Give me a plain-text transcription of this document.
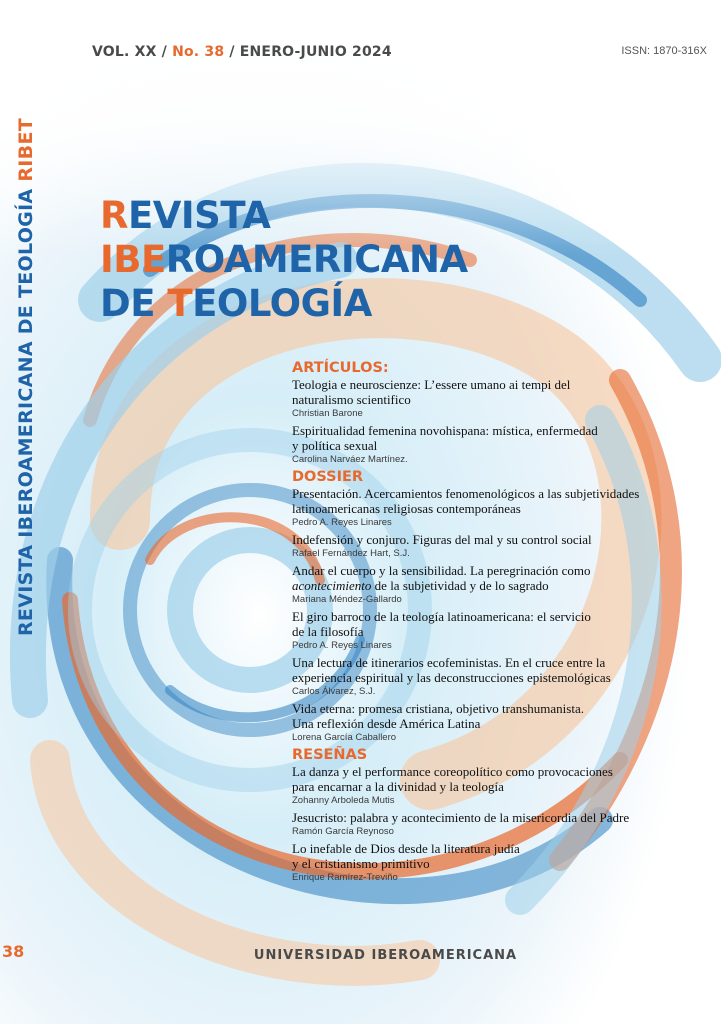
VOL. XX / No. 38 / ENERO-JUNIO 2024	ISSN: 1870-316X
REVISTA IBEROAMERICANA DE TEOLOGÍA RIBET
REVISTA
IBEROAMERICANA
DE TEOLOGÍA
ARTÍCULOS:
Teologia e neuroscienze: L’essere umano ai tempi del
naturalismo scientifico
Christian Barone
Espiritualidad femenina novohispana: mística, enfermedad
y política sexual
Carolina Narváez Martínez.
DOSSIER
Presentación. Acercamientos fenomenológicos a las subjetividades
latinoamericanas religiosas contemporáneas
Pedro A. Reyes Linares
Indefensión y conjuro. Figuras del mal y su control social
Rafael Fernández Hart, S.J.
Andar el cuerpo y la sensibilidad. La peregrinación como
acontecimiento de la subjetividad y de lo sagrado
Mariana Méndez-Gallardo
El giro barroco de la teología latinoamericana: el servicio
de la filosofía
Pedro A. Reyes Linares
Una lectura de itinerarios ecofeministas. En el cruce entre la
experiencia espiritual y las deconstrucciones epistemológicas
Carlos Álvarez, S.J.
Vida eterna: promesa cristiana, objetivo transhumanista.
Una reflexión desde América Latina
Lorena García Caballero
RESEÑAS
La danza y el performance coreopolítico como provocaciones
para encarnar a la divinidad y la teología
Zohanny Arboleda Mutis
Jesucristo: palabra y acontecimiento de la misericordia del Padre
Ramón García Reynoso
Lo inefable de Dios desde la literatura judía
y el cristianismo primitivo
Enrique Ramírez-Treviño
38	UNIVERSIDAD IBEROAMERICANA
